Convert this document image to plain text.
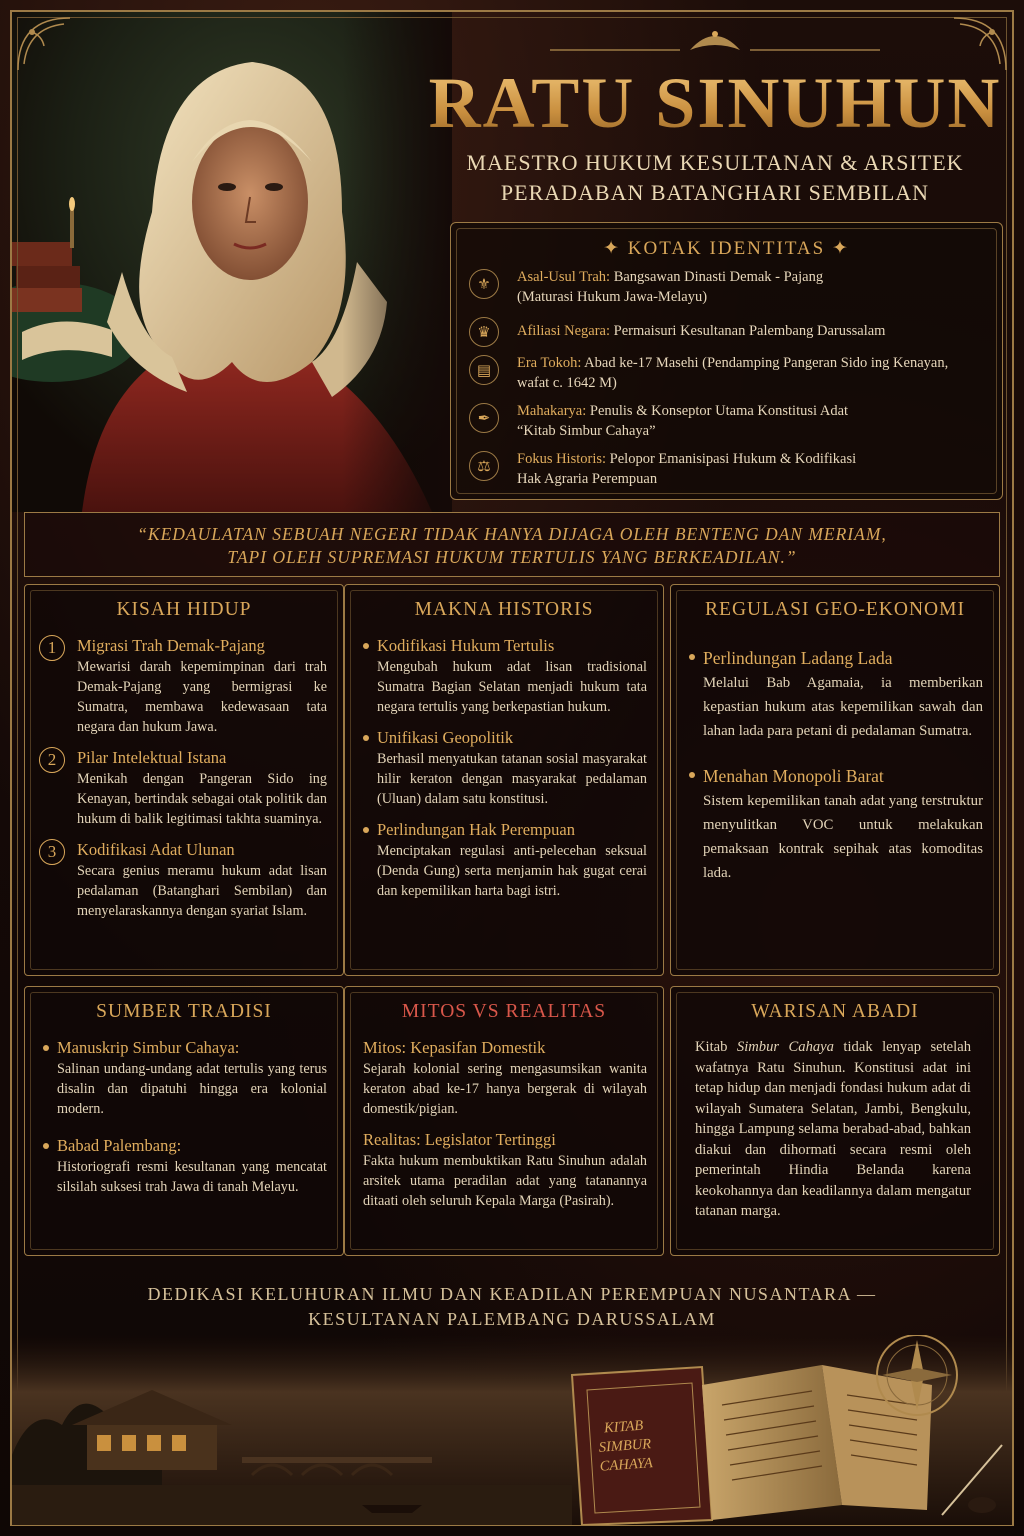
RATU SINUHUN
MAESTRO HUKUM KESULTANAN & ARSITEK
PERADABAN BATANGHARI SEMBILAN
✦ KOTAK IDENTITAS ✦
⚜	Asal-Usul Trah: Bangsawan Dinasti Demak - Pajang
(Maturasi Hukum Jawa-Melayu)
♛	Afiliasi Negara: Permaisuri Kesultanan Palembang Darussalam
▤	Era Tokoh: Abad ke-17 Masehi (Pendamping Pangeran Sido ing Kenayan,
wafat c. 1642 M)
✒	Mahakarya: Penulis & Konseptor Utama Konstitusi Adat
“Kitab Simbur Cahaya”
⚖	Fokus Historis: Pelopor Emanisipasi Hukum & Kodifikasi
Hak Agraria Perempuan
“KEDAULATAN SEBUAH NEGERI TIDAK HANYA DIJAGA OLEH BENTENG DAN MERIAM,
TAPI OLEH SUPREMASI HUKUM TERTULIS YANG BERKEADILAN.”
KISAH HIDUP
1	Migrasi Trah Demak-Pajang
Mewarisi darah kepemimpinan dari trah Demak-Pajang yang bermigrasi ke Sumatra, membawa kedewasaan tata negara dan hukum Jawa.
2	Pilar Intelektual Istana
Menikah dengan Pangeran Sido ing Kenayan, bertindak sebagai otak politik dan hukum di balik legitimasi takhta suaminya.
3	Kodifikasi Adat Ulunan
Secara genius meramu hukum adat lisan pedalaman (Batanghari Sembilan) dan menyelaraskannya dengan syariat Islam.
MAKNA HISTORIS
Kodifikasi Hukum Tertulis
Mengubah hukum adat lisan tradisional Sumatra Bagian Selatan menjadi hukum tata negara tertulis yang berkepastian hukum.
Unifikasi Geopolitik
Berhasil menyatukan tatanan sosial masyarakat hilir keraton dengan masyarakat pedalaman (Uluan) dalam satu konstitusi.
Perlindungan Hak Perempuan
Menciptakan regulasi anti-pelecehan seksual (Denda Gung) serta menjamin hak gugat cerai dan kepemilikan harta bagi istri.
REGULASI GEO-EKONOMI
Perlindungan Ladang Lada
Melalui Bab Agamaia, ia memberikan kepastian hukum atas kepemilikan sawah dan lahan lada para petani di pedalaman Sumatra.
Menahan Monopoli Barat
Sistem kepemilikan tanah adat yang terstruktur menyulitkan VOC untuk melakukan pemaksaan kontrak sepihak atas komoditas lada.
SUMBER TRADISI
Manuskrip Simbur Cahaya:
Salinan undang-undang adat tertulis yang terus disalin dan dipatuhi hingga era kolonial modern.
Babad Palembang:
Historiografi resmi kesultanan yang mencatat silsilah suksesi trah Jawa di tanah Melayu.
MITOS VS REALITAS
Mitos: Kepasifan Domestik
Sejarah kolonial sering mengasumsikan wanita keraton abad ke-17 hanya bergerak di wilayah domestik/pigian.
Realitas: Legislator Tertinggi
Fakta hukum membuktikan Ratu Sinuhun adalah arsitek utama peradilan adat yang tatanannya ditaati oleh seluruh Kepala Marga (Pasirah).
WARISAN ABADI

Kitab Simbur Cahaya tidak lenyap setelah wafatnya Ratu Sinuhun. Konstitusi adat ini tetap hidup dan menjadi fondasi hukum adat di wilayah Sumatera Selatan, Jambi, Bengkulu, hingga Lampung selama berabad-abad, bahkan diakui dan dihormati secara resmi oleh pemerintah Hindia Belanda karena keokohannya dan keadilannya dalam mengatur tatanan marga.

DEDIKASI KELUHURAN ILMU DAN KEADILAN PEREMPUAN NUSANTARA —
KESULTANAN PALEMBANG DARUSSALAM
KITAB
SIMBUR
CAHAYA
